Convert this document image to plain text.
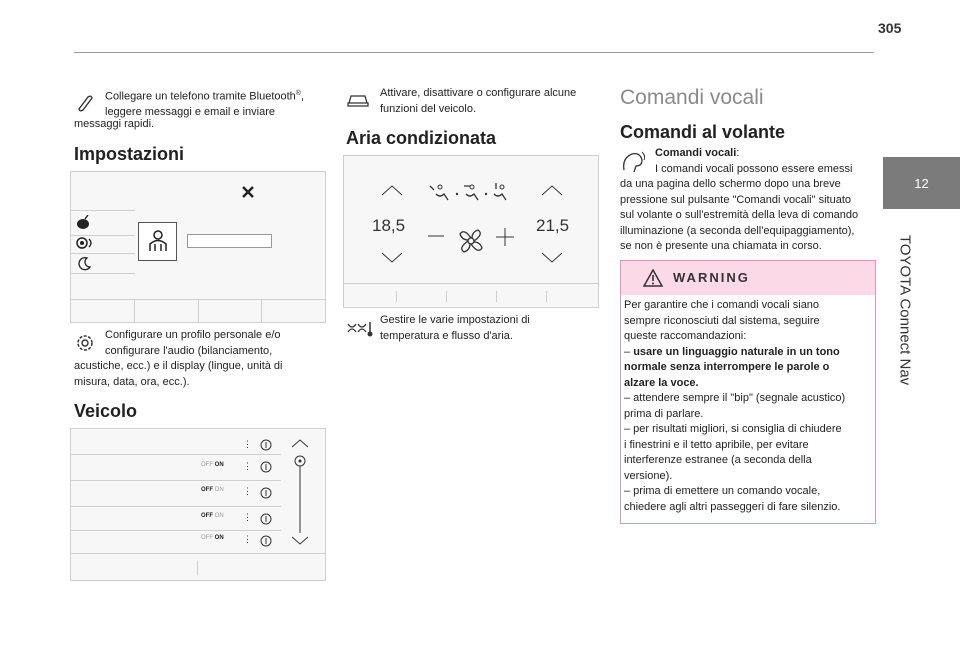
305
12
TOYOTA Connect Nav
Collegare un telefono tramite Bluetooth®,
leggere messaggi e email e inviare
messaggi rapidi.
Impostazioni
Configurare un profilo personale e/o
configurare l'audio (bilanciamento,
acustiche, ecc.) e il display (lingue, unità di
misura, data, ora, ecc.).
Veicolo
⋮
OFF ON ⋮
OFF ON ⋮
OFF ON ⋮
OFF ON ⋮
Attivare, disattivare o configurare alcune
funzioni del veicolo.
Aria condizionata
18,5	21,5
Gestire le varie impostazioni di
temperatura e flusso d'aria.
Comandi vocali
Comandi al volante
Comandi vocali:
I comandi vocali possono essere emessi
da una pagina dello schermo dopo una breve
pressione sul pulsante "Comandi vocali" situato
sul volante o sull'estremità della leva di comando
illuminazione (a seconda dell'equipaggiamento),
se non è presente una chiamata in corso.
WARNING
Per garantire che i comandi vocali siano
sempre riconosciuti dal sistema, seguire
queste raccomandazioni:
– usare un linguaggio naturale in un tono
normale senza interrompere le parole o
alzare la voce.
– attendere sempre il "bip" (segnale acustico)
prima di parlare.
– per risultati migliori, si consiglia di chiudere
i finestrini e il tetto apribile, per evitare
interferenze estranee (a seconda della
versione).
– prima di emettere un comando vocale,
chiedere agli altri passeggeri di fare silenzio.
